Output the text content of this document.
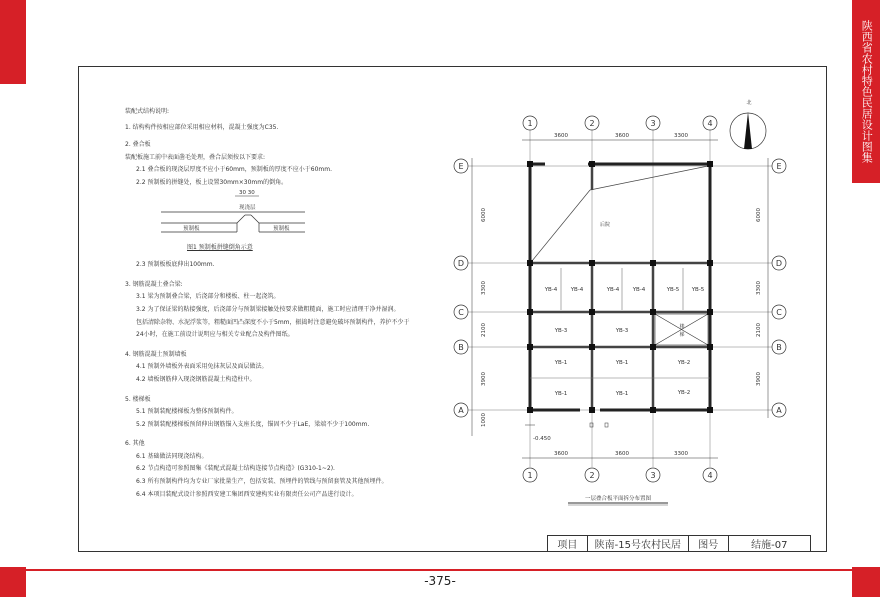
陕西省农村特色民居设计图集
-375-

装配式结构说明:

1. 结构构件按相应部位采用相应材料，混凝土强度为C35.

2. 叠合板

装配板施工前中表面凿毛处理，叠合层须按以下要求:

2.1 叠合板的现浇层厚度不应小于60mm，预制板的厚度不应小于60mm.

2.2 预制板的拼缝处，板上设置30mm×30mm的倒角。

30 30
预制板
现浇层
预制板

图1 预制板拼缝倒角示意

2.3 预制板板底伸出100mm.

3. 钢筋混凝土叠合梁:

3.1 梁为预制叠合梁，后浇部分和楼板、柱一起浇筑。

3.2 为了保证梁的粘接强度，后浇部分与预制梁接触处按要求做粗糙面，施工时应清理干净并湿润。

包括清除杂物、水泥浮浆等，粗糙面凹凸深度不小于5mm，振捣时注意避免破坏预制构件，养护不少于

24小时，在施工前设计说明应与相关专业配合及构件图纸。

4. 钢筋混凝土预制墙板

4.1 预制外墙板外表面采用免抹灰层及面层做法。

4.2 墙板钢筋伸入现浇钢筋混凝土构造柱中。

5. 楼梯板

5.1 预制装配楼梯板为整体预制构件。

5.2 预制装配楼梯板预留伸出钢筋锚入支座长度，锚固不少于LaE，梁端不少于100mm.

6. 其他

6.1 基础做法同现浇结构。

6.2 节点构造可参照图集《装配式混凝土结构连接节点构造》(G310-1~2).

6.3 所有预制构件均为专业厂家批量生产，包括安装、预埋件的管线与预留套管及其他预埋件。

6.4 本项目装配式设计参照西安建工集团西安建构实业有限责任公司产品进行设计。

北
1	2	3	4
1	2	3	4
E
D
C
B
A
E
D
C
B
A
3600	3600	3300
3600	3600	3300
6000
3300
2100
3900
1000
6000
3300
2100
3900
后院
楼
梯
YB-4 YB-4	YB-4 YB-4	YB-5 YB-5
YB-3	YB-3
YB-1	YB-1	YB-2
YB-1	YB-1	YB-2
-0.450
一层叠合板平面拆分布置图
项目	陕南-15号农村民居	图号	结施-07
